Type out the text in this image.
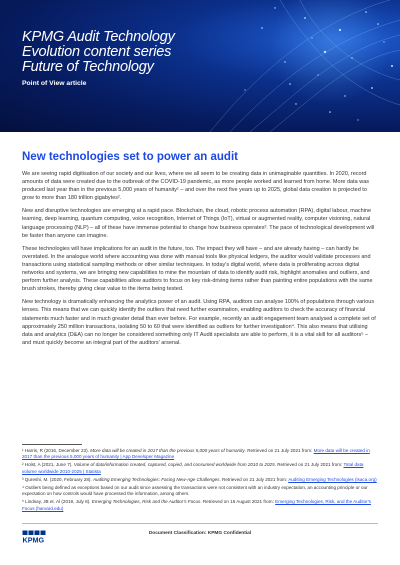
KPMG Audit Technology
Evolution content series
Future of Technology
Point of View article
New technologies set to power an audit

We are seeing rapid digitisation of our society and our lives, where we all seem to be creating data in unimaginable quantities. In 2020, record amounts of data were created due to the outbreak of the COVID-19 pandemic, as more people worked and learned from home. More data was produced last year than in the previous 5,000 years of humanity¹ – and over the next five years up to 2025, global data creation is projected to grow to more than 180 trillion gigabytes².

New and disruptive technologies are emerging at a rapid pace. Blockchain, the cloud, robotic process automation (RPA), digital labour, machine learning, deep learning, quantum computing, voice recognition, Internet of Things (IoT), virtual or augmented reality, computer visioning, natural language processing (NLP) – all of these have immense potential to change how business operates³. The pace of technological development will be faster than anyone can imagine.

These technologies will have implications for an audit in the future, too. The impact they will have – and are already having – can hardly be overstated. In the analogue world where accounting was done with manual tools like physical ledgers, the auditor would validate processes and transactions using statistical sampling methods or other similar techniques. In today's digital world, where data is proliferating across digital networks and systems, we are bringing new capabilities to mine the mountain of data to identify audit risk, highlight anomalies and outliers, and perform further analysis. These capabilities allow auditors to focus on key risk-driving items rather than painting entire populations with the same brush strokes, thereby giving clear value to the items being tested.

New technology is dramatically enhancing the analytics power of an audit. Using RPA, auditors can analyse 100% of populations through various lenses. This means that we can quickly identify the outliers that need further examination, enabling auditors to check the accuracy of financial statements much faster and in much greater detail than ever before. For example, recently an audit engagement team analysed a complete set of approximately 250 million transactions, isolating 50 to 60 that were identified as outliers for further investigation⁴. This also means that utilising data and analytics (D&A) can no longer be considered something only IT Audit specialists are able to perform, it is a vital skill for all auditors⁵ – and must quickly become an integral part of the auditors' arsenal.

¹ Harris, R (2016, December 23). More data will be created in 2017 than the previous 5,000 years of humanity. Retrieved on 21 July 2021 from: More data will be created in 2017 than the previous 5,000 years of humanity | App Developer Magazine

² Holst, A (2021, June 7). Volume of data/information created, captured, copied, and consumed worldwide from 2010 to 2025. Retrieved on 21 July 2021 from: Total data volume worldwide 2010-2025 | Statista

³ Qureshi, M. (2020, February 28). Auditing Emerging Technologies: Facing New-Age Challenges. Retrieved on 21 July 2021 from: Auditing Emerging Technologies (isaca.org)

⁴ Outliers being defined as exceptions based on our audit since assessing the transactions were not consistent with an industry expectation, an accounting principle or our expectation on how controls would have processed the information, among others.

⁵ Lindsay, JB et. Al (2019, July 8). Emerging Technologies, Risk and the Auditor's Focus. Retrieved on 16 August 2021 from: Emerging Technologies, Risk, and the Auditor's Focus (harvard.edu)

KPMG
Document Classification: KPMG Confidential
